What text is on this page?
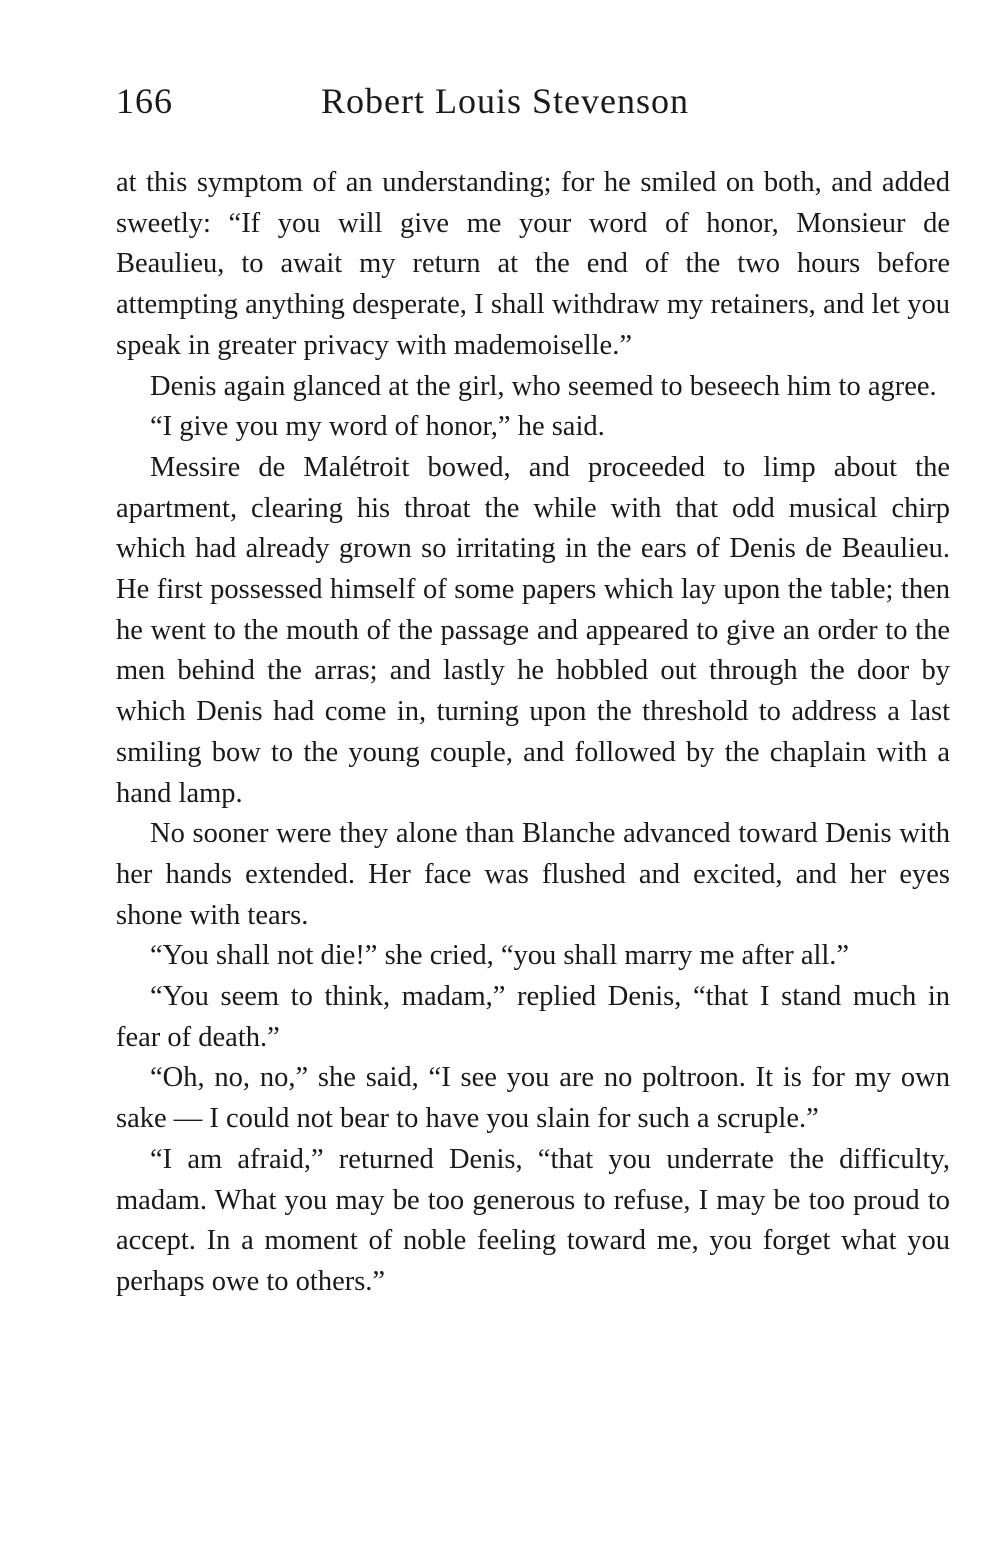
166	Robert Louis Stevenson

at this symptom of an understanding; for he smiled on both, and added sweetly: “If you will give me your word of honor, Monsieur de Beaulieu, to await my return at the end of the two hours before attempting anything desperate, I shall withdraw my retainers, and let you speak in greater privacy with mademoiselle.”

Denis again glanced at the girl, who seemed to beseech him to agree.

“I give you my word of honor,” he said.

Messire de Malétroit bowed, and proceeded to limp about the apartment, clearing his throat the while with that odd musical chirp which had already grown so irritating in the ears of Denis de Beaulieu. He first possessed himself of some papers which lay upon the table; then he went to the mouth of the passage and appeared to give an order to the men behind the arras; and lastly he hobbled out through the door by which Denis had come in, turning upon the threshold to address a last smiling bow to the young couple, and followed by the chaplain with a hand lamp.

No sooner were they alone than Blanche advanced toward Denis with her hands extended. Her face was flushed and excited, and her eyes shone with tears.

“You shall not die!” she cried, “you shall marry me after all.”

“You seem to think, madam,” replied Denis, “that I stand much in fear of death.”

“Oh, no, no,” she said, “I see you are no poltroon. It is for my own sake — I could not bear to have you slain for such a scruple.”

“I am afraid,” returned Denis, “that you underrate the difficulty, madam. What you may be too generous to refuse, I may be too proud to accept. In a moment of noble feeling toward me, you forget what you perhaps owe to others.”
